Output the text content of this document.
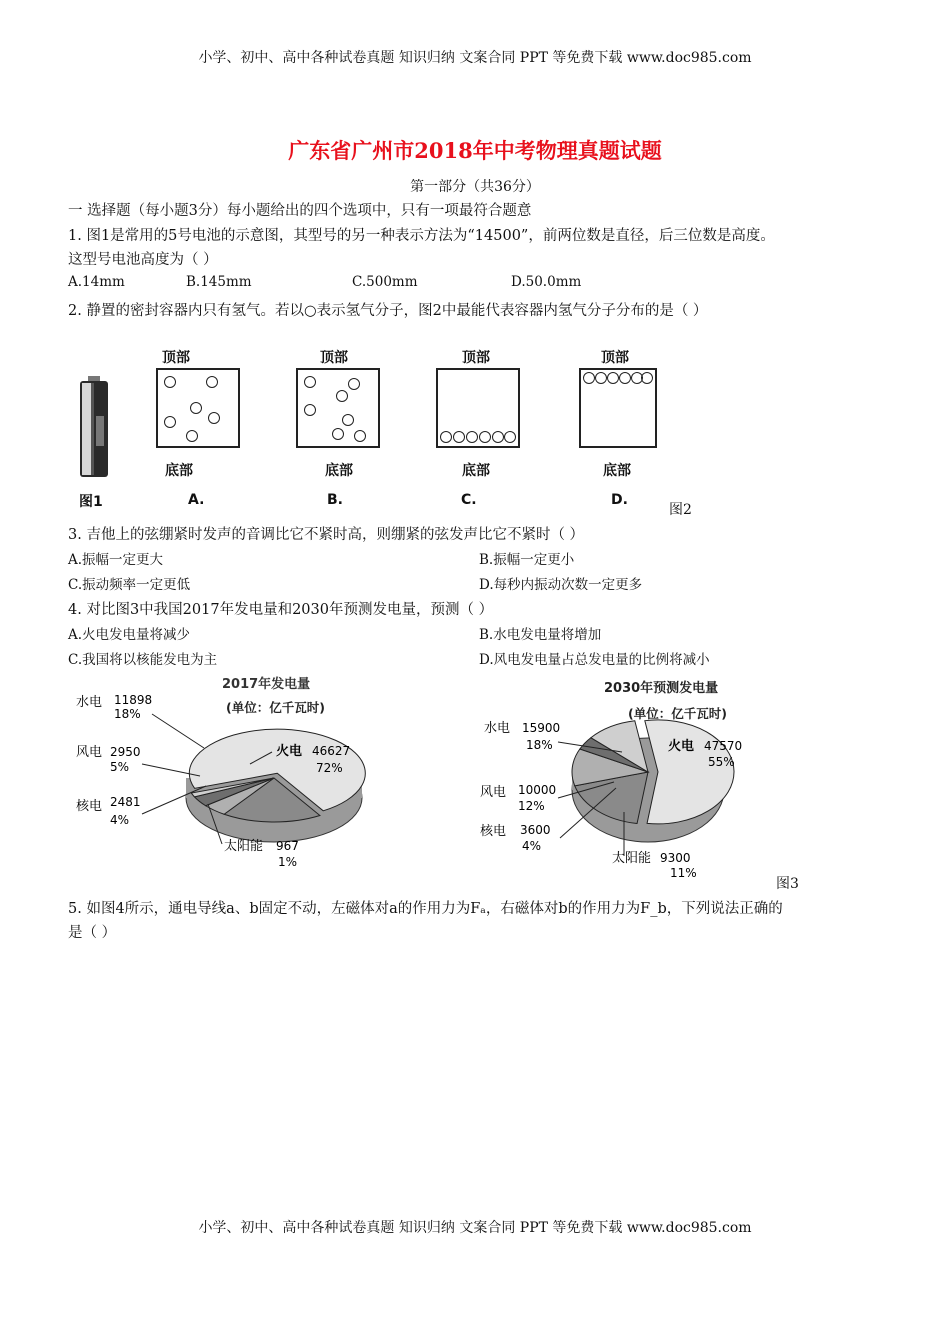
小学、初中、高中各种试卷真题 知识归纳 文案合同 PPT 等免费下载 www.doc985.com
广东省广州市2018年中考物理真题试题
第一部分（共36分）
一 选择题（每小题3分）每小题给出的四个选项中，只有一项最符合题意
1. 图1是常用的5号电池的示意图，其型号的另一种表示方法为“14500”，前两位数是直径，后三位数是高度。
这型号电池高度为（ ）
A.14mm	B.145mm	C.500mm	D.50.0mm
2. 静置的密封容器内只有氢气。若以○表示氢气分子，图2中最能代表容器内氢气分子分布的是（ ）
图1
顶部
底部
A.
顶部
底部
B.
顶部
底部
C.
顶部
底部
D.
图2
3. 吉他上的弦绷紧时发声的音调比它不紧时高，则绷紧的弦发声比它不紧时（ ）
A.振幅一定更大	B.振幅一定更小
C.振动频率一定更低	D.每秒内振动次数一定更多
4. 对比图3中我国2017年发电量和2030年预测发电量，预测（ ）
A.火电发电量将减少	B.水电发电量将增加
C.我国将以核能发电为主	D.风电发电量占总发电量的比例将减小
2017年发电量
(单位：亿千瓦时)
水电 11898
18%
风电 2950
5%
核电 2481
4%
太阳能 967
1%
火电 46627
72%
2030年预测发电量
(单位：亿千瓦时)
水电 15900
18%
风电 10000
12%
核电 3600
4%
太阳能 9300
11%
火电 47570
55%
图3
5. 如图4所示，通电导线a、b固定不动，左磁体对a的作用力为Fₐ，右磁体对b的作用力为F_b，下列说法正确的
是（ ）
小学、初中、高中各种试卷真题 知识归纳 文案合同 PPT 等免费下载 www.doc985.com
